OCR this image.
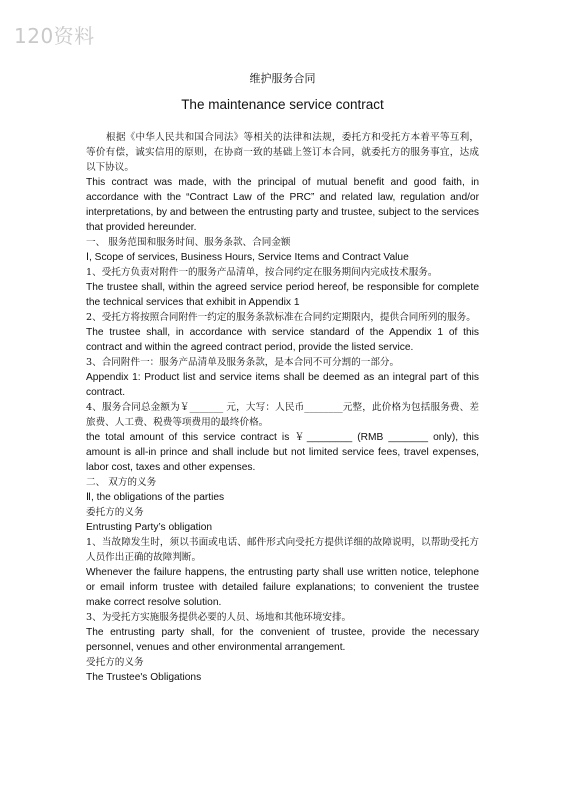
120资料
维护服务合同
The maintenance service contract

根据《中华人民共和国合同法》等相关的法律和法规，委托方和受托方本着平等互利，等价有偿，诚实信用的原则，在协商一致的基础上签订本合同，就委托方的服务事宜，达成以下协议。

This contract was made, with the principal of mutual benefit and good faith, in accordance with the “Contract Law of the PRC” and related law, regulation and/or interpretations, by and between the entrusting party and trustee, subject to the services that provided hereunder.

一、 服务范围和服务时间、服务条款、合同金额

Ⅰ, Scope of services, Business Hours, Service Items and Contract Value

1、受托方负责对附件一的服务产品清单，按合同约定在服务期间内完成技术服务。

The trustee shall, within the agreed service period hereof, be responsible for complete the technical services that exhibit in Appendix 1

2、受托方将按照合同附件一约定的服务条款标准在合同约定期限内，提供合同所列的服务。

The trustee shall, in accordance with service standard of the Appendix 1 of this contract and within the agreed contract period, provide the listed service.

3、合同附件一：服务产品清单及服务条款，是本合同不可分割的一部分。

Appendix 1: Product list and service items shall be deemed as an integral part of this contract.

4、服务合同总金额为￥_______ 元，大写：人民币________元整，此价格为包括服务费、差旅费、人工费、税费等项费用的最终价格。

the total amount of this service contract is ￥________ (RMB _______ only), this amount is all-in prince and shall include but not limited service fees, travel expenses, labor cost, taxes and other expenses.

二、 双方的义务

Ⅱ, the obligations of the parties

委托方的义务

Entrusting Party’s obligation

1、当故障发生时，须以书面或电话、邮件形式向受托方提供详细的故障说明，以帮助受托方人员作出正确的故障判断。

Whenever the failure happens, the entrusting party shall use written notice, telephone or email inform trustee with detailed failure explanations; to convenient the trustee make correct resolve solution.

3、为受托方实施服务提供必要的人员、场地和其他环境安排。

The entrusting party shall, for the convenient of trustee, provide the necessary personnel, venues and other environmental arrangement.

受托方的义务

The Trustee's Obligations
